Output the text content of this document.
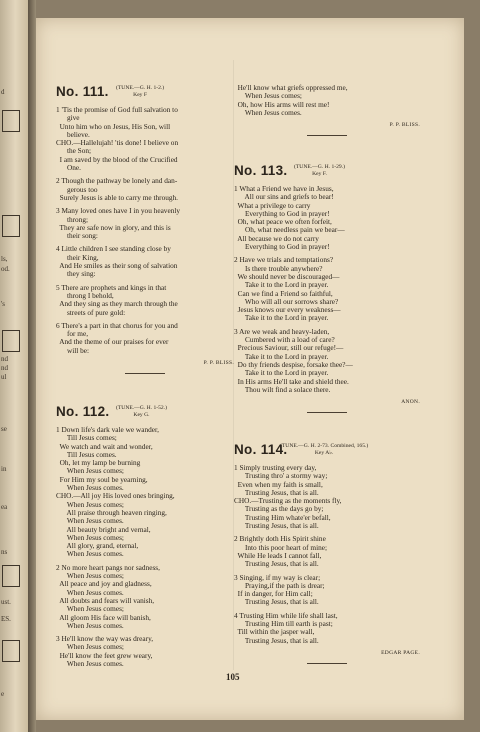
d
ls,
od.
's
nd
nd
ul
se
in
ea
ns
ust.
ES.
e
No. 111. (TUNE.—G. H. 1-2.)
Key F
1 'Tis the promise of God full salvation to
give
Unto him who on Jesus, His Son, will
believe.
CHO.—Hallelujah! 'tis done! I believe on
the Son;
I am saved by the blood of the Crucified
One.
2 Though the pathway be lonely and dan-
gerous too
Surely Jesus is able to carry me through.
3 Many loved ones have I in you heavenly
throng;
They are safe now in glory, and this is
their song:
4 Little children I see standing close by
their King,
And He smiles as their song of salvation
they sing:
5 There are prophets and kings in that
throng I behold,
And they sing as they march through the
streets of pure gold:
6 There's a part in that chorus for you and
for me,
And the theme of our praises for ever
will be:
P. P. BLISS.
No. 112. (TUNE.—G. H. 1-52.)
Key G.
1 Down life's dark vale we wander,
Till Jesus comes;
We watch and wait and wonder,
Till Jesus comes.
Oh, let my lamp be burning
When Jesus comes;
For Him my soul be yearning,
When Jesus comes.
CHO.—All joy His loved ones bringing,
When Jesus comes;
All praise through heaven ringing,
When Jesus comes.
All beauty bright and vernal,
When Jesus comes;
All glory, grand, eternal,
When Jesus comes.
2 No more heart pangs nor sadness,
When Jesus comes;
All peace and joy and gladness,
When Jesus comes.
All doubts and fears will vanish,
When Jesus comes;
All gloom His face will banish,
When Jesus comes.
3 He'll know the way was dreary,
When Jesus comes;
He'll know the feet grew weary,
When Jesus comes.
He'll know what griefs oppressed me,
When Jesus comes;
Oh, how His arms will rest me!
When Jesus comes.
P. P. BLISS.
No. 113. (TUNE.—G. H. 1-29.)
Key F.
1 What a Friend we have in Jesus,
All our sins and griefs to bear!
What a privilege to carry
Everything to God in prayer!
Oh, what peace we often forfeit,
Oh, what needless pain we bear—
All because we do not carry
Everything to God in prayer!
2 Have we trials and temptations?
Is there trouble anywhere?
We should never be discouraged—
Take it to the Lord in prayer.
Can we find a Friend so faithful,
Who will all our sorrows share?
Jesus knows our every weakness—
Take it to the Lord in prayer.
3 Are we weak and heavy-laden,
Cumbered with a load of care?
Precious Saviour, still our refuge!—
Take it to the Lord in prayer.
Do thy friends despise, forsake thee?—
Take it to the Lord in prayer.
In His arms He'll take and shield thee.
Thou wilt find a solace there.
ANON.
No. 114.
(TUNE.—G. H. 2-73. Combined, 165.)
Key A♭.
1 Simply trusting every day,
Trusting thro' a stormy way;
Even when my faith is small,
Trusting Jesus, that is all.
CHO.—Trusting as the moments fly,
Trusting as the days go by;
Trusting Him whate'er befall,
Trusting Jesus, that is all.
2 Brightly doth His Spirit shine
Into this poor heart of mine;
While He leads I cannot fall,
Trusting Jesus, that is all.
3 Singing, if my way is clear;
Praying,if the path is drear;
If in danger, for Him call;
Trusting Jesus, that is all.
4 Trusting Him while life shall last,
Trusting Him till earth is past;
Till within the jasper wall,
Trusting Jesus, that is all.
EDGAR PAGE.
105
